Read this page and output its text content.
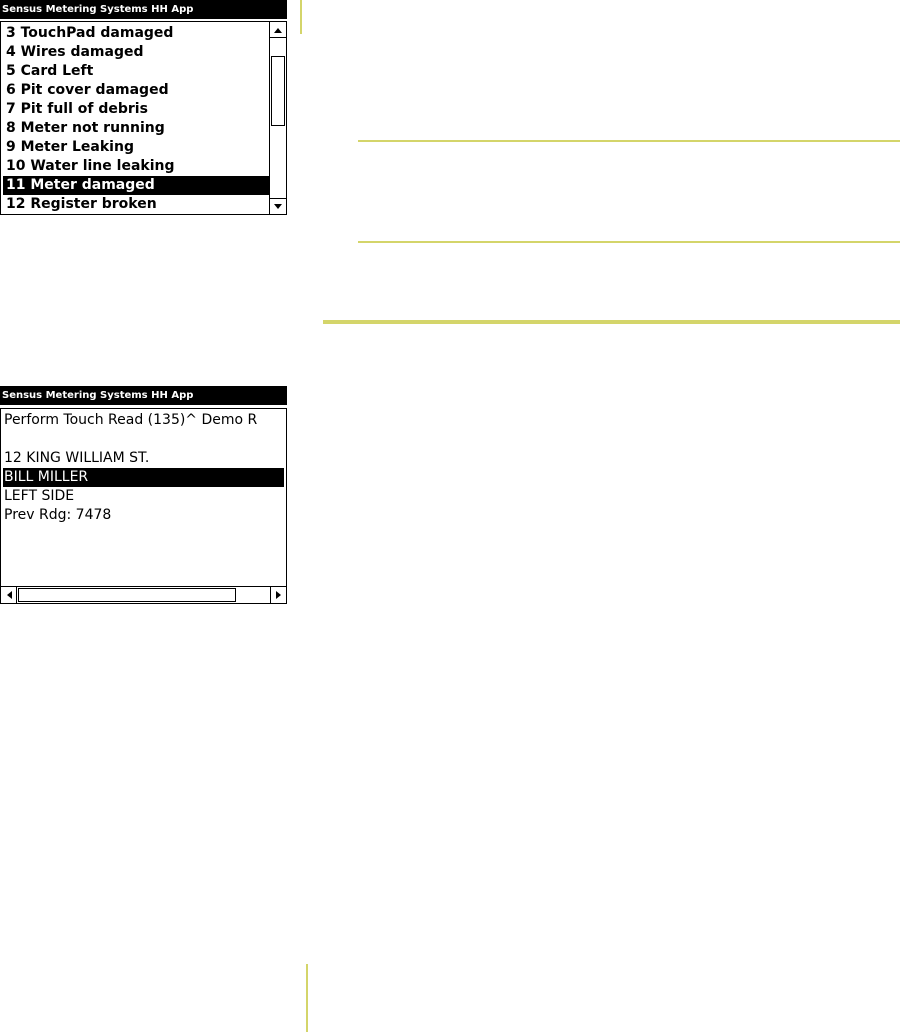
Sensus Metering Systems HH App
3 TouchPad damaged
4 Wires damaged
5 Card Left
6 Pit cover damaged
7 Pit full of debris
8 Meter not running
9 Meter Leaking
10 Water line leaking
11 Meter damaged
12 Register broken
Sensus Metering Systems HH App
Perform Touch Read (135)^ Demo R
12 KING WILLIAM ST.
BILL MILLER
LEFT SIDE
Prev Rdg: 7478
